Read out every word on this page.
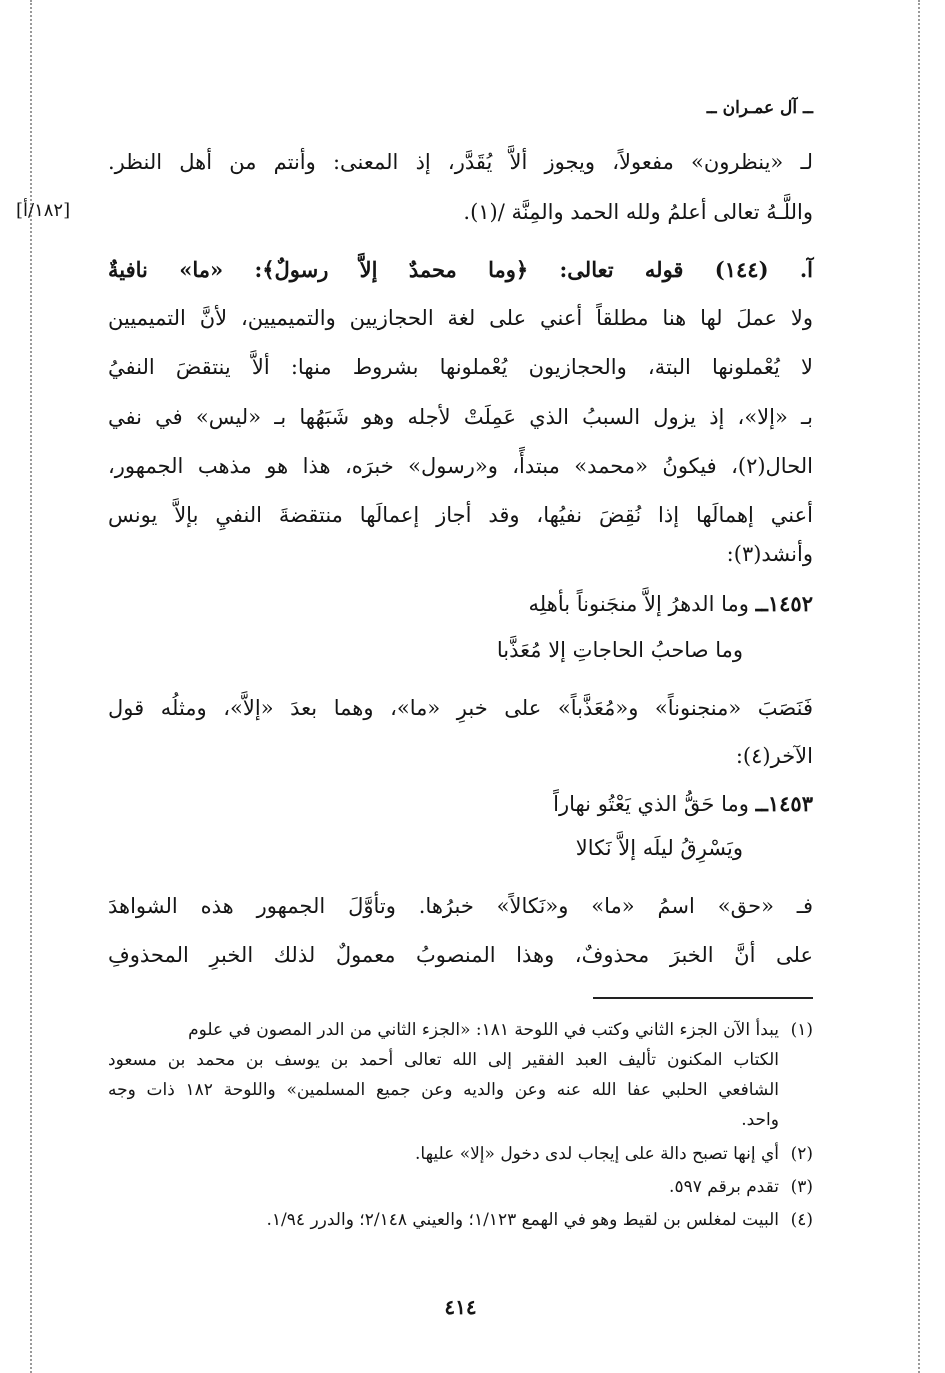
ــ آل عمـران ــ
[١٨٢/أ]
لـ «ينظرون» مفعولاً، ويجوز ألاَّ يُقَدَّر، إذ المعنى: وأنتم من أهل النظر.
واللَّـهُ تعالى أعلمُ ولله الحمد والمِنَّة /(١).
آ. (١٤٤) قوله تعالى: ﴿وما محمدٌ إلاَّ رسولٌ﴾: «ما» نافيةٌ
ولا عملَ لها هنا مطلقاً أعني على لغة الحجازيين والتميميين، لأنَّ التميميين
لا يُعْملونها البتة، والحجازيون يُعْملونها بشروط منها: ألاَّ ينتقضَ النفيُ
بـ «إلا»، إذ يزول السببُ الذي عَمِلَتْ لأجله وهو شَبَهُها بـ «ليس» في نفي
الحال(٢)، فيكونُ «محمد» مبتدأً، و«رسول» خبرَه، هذا هو مذهب الجمهور،
أعني إهمالَها إذا نُقِضَ نفيُها، وقد أجاز إعمالَها منتقضةَ النفيِ بإلاَّ يونس
وأنشد(٣):
١٤٥٢ــ وما الدهرُ إلاَّ منجَنوناً بأهلِه
وما صاحبُ الحاجاتِ إلا مُعَذَّبا
فَنَصَبَ «منجنوناً» و«مُعَذَّباً» على خبرِ «ما»، وهما بعدَ «إلاَّ»، ومثلُه قول
الآخر(٤):
١٤٥٣ــ وما حَقُّ الذي يَعْتُو نهاراً
ويَسْرِقُ ليلَه إلاَّ نَكالا
فـ «حق» اسمُ «ما» و«نَكالاً» خبرُها. وتأوَّلَ الجمهور هذه الشواهدَ
على أنَّ الخبرَ محذوفٌ، وهذا المنصوبُ معمولٌ لذلك الخبرِ المحذوفِ
(١)يبدأ الآن الجزء الثاني وكتب في اللوحة ١٨١: «الجزء الثاني من الدر المصون في علوم
الكتاب المكنون تأليف العبد الفقير إلى الله تعالى أحمد بن يوسف بن محمد بن مسعود
الشافعي الحلبي عفا الله عنه وعن والديه وعن جميع المسلمين» واللوحة ١٨٢ ذات وجه
واحد.
(٢)أي إنها تصبح دالة على إيجاب لدى دخول «إلا» عليها.
(٣)تقدم برقم ٥٩٧.
(٤)البيت لمغلس بن لقيط وهو في الهمع ١/١٢٣؛ والعيني ٢/١٤٨؛ والدرر ١/٩٤.
٤١٤
